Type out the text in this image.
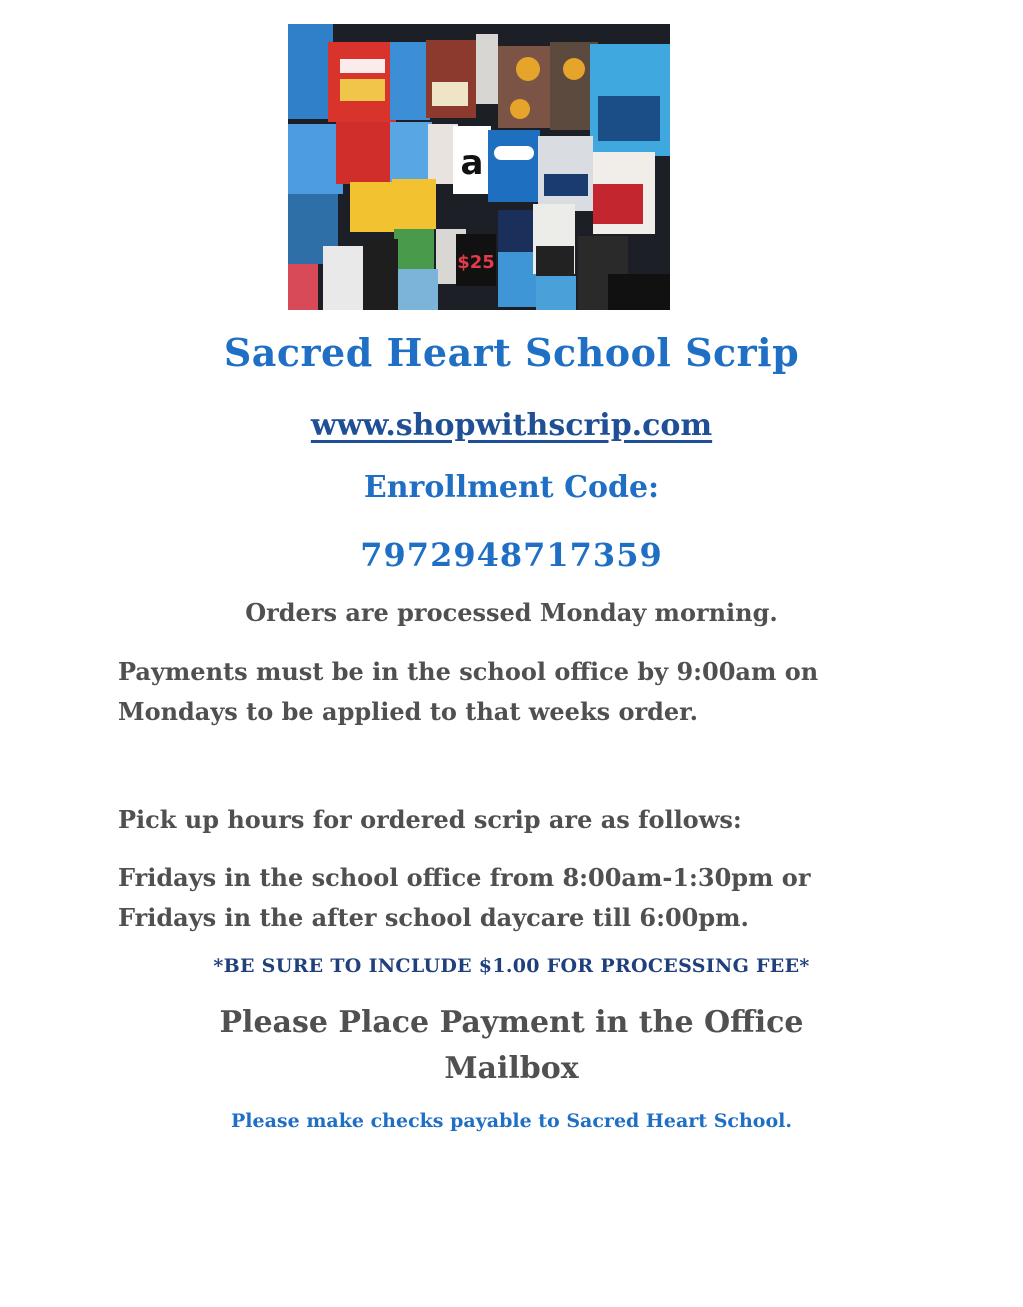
a
$25
Sacred Heart School Scrip
www.shopwithscrip.com
Enrollment Code:
7972948717359
Orders are processed Monday morning.
Payments must be in the school office by 9:00am on
Mondays to be applied to that weeks order.
Pick up hours for ordered scrip are as follows:
Fridays in the school office from 8:00am-1:30pm or
Fridays in the after school daycare till 6:00pm.
*BE SURE TO INCLUDE $1.00 FOR PROCESSING FEE*
Please Place Payment in the Office
Mailbox
Please make checks payable to Sacred Heart School.
